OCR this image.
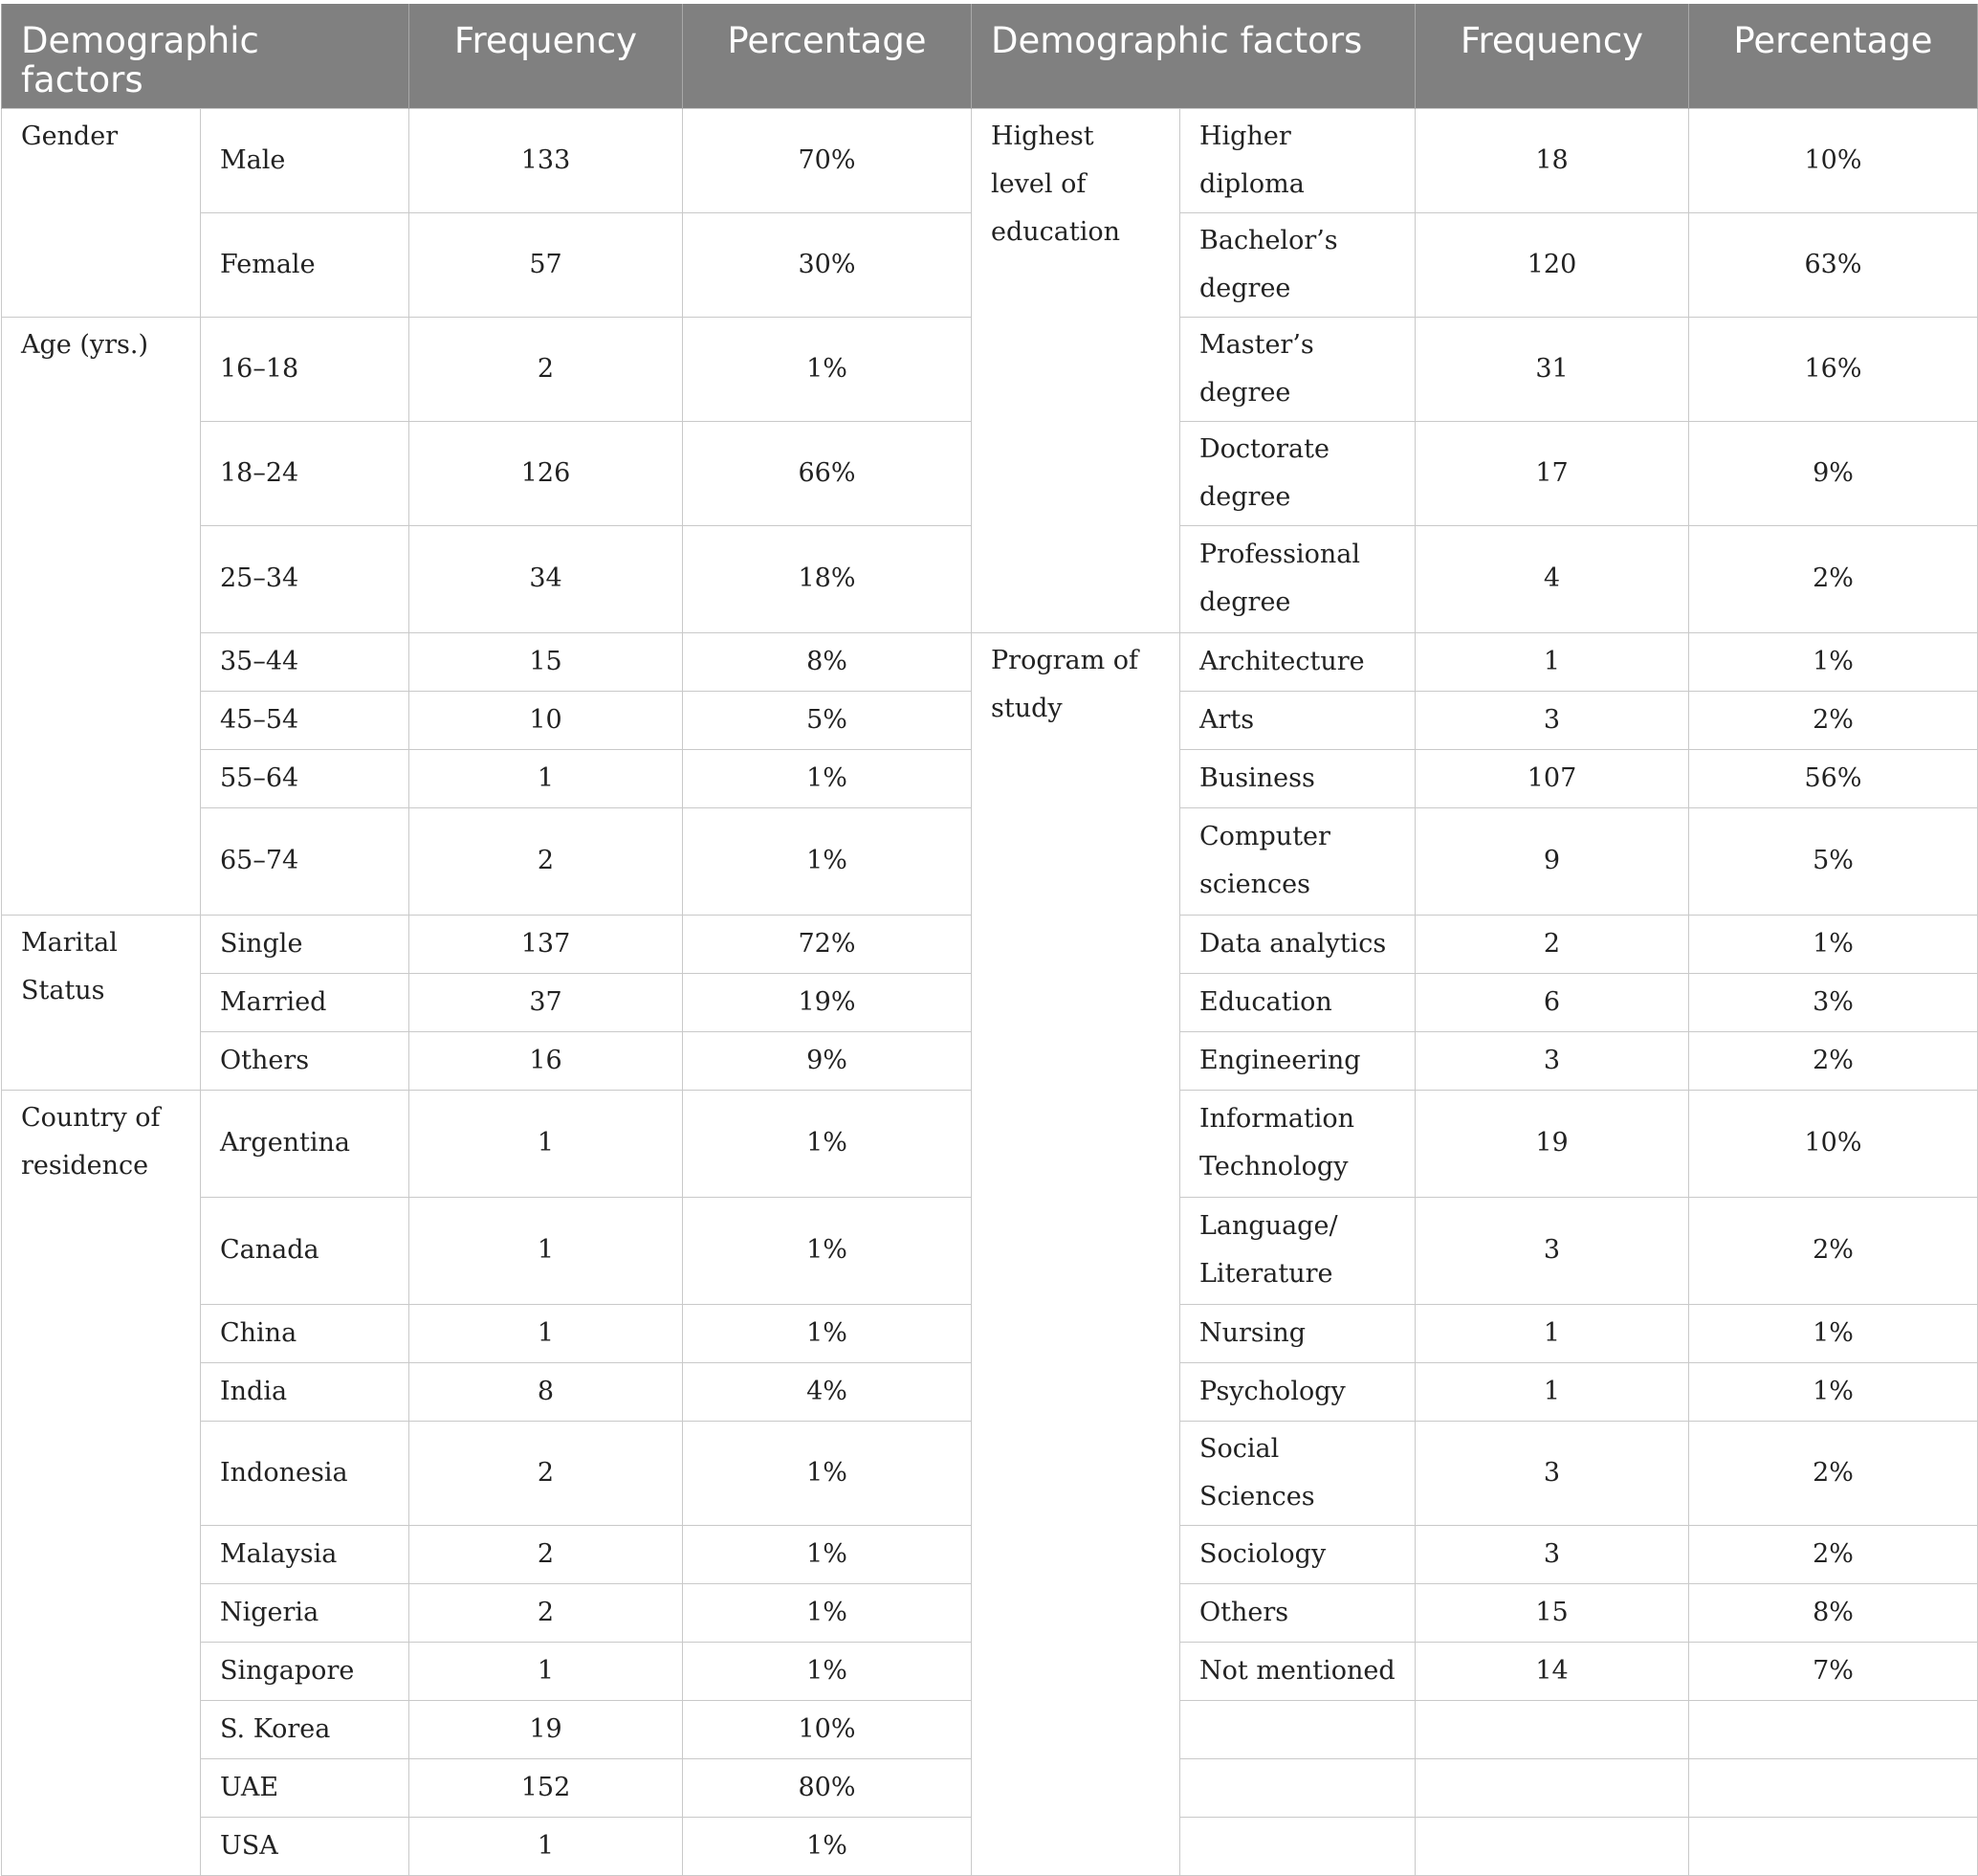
Demographic factors		Frequency	Percentage	Demographic factors		Frequency	Percentage	
Gender	Male	133	70%	Highest level of education	Higher diploma	18	10%	
	Female	57	30%		Bachelor’s degree	120	63%	
Age (yrs.)	16–18	2	1%		Master’s degree	31	16%	
	18–24	126	66%		Doctorate degree	17	9%	
	25–34	34	18%		Professional degree	4	2%	
	35–44	15	8%	Program of study	Architecture	1	1%	
	45–54	10	5%		Arts	3	2%	
	55–64	1	1%		Business	107	56%	
	65–74	2	1%		Computer sciences	9	5%	
Marital Status	Single	137	72%		Data analytics	2	1%	
	Married	37	19%		Education	6	3%	
	Others	16	9%		Engineering	3	2%	
Country of residence	Argentina	1	1%		Information Technology	19	10%	
	Canada	1	1%		Language/ Literature	3	2%	
	China	1	1%		Nursing	1	1%	
	India	8	4%		Psychology	1	1%	
	Indonesia	2	1%		Social Sciences	3	2%	
	Malaysia	2	1%		Sociology	3	2%	
	Nigeria	2	1%		Others	15	8%	
	Singapore	1	1%		Not mentioned	14	7%	
	S. Korea	19	10%					
	UAE	152	80%					
	USA	1	1%					
